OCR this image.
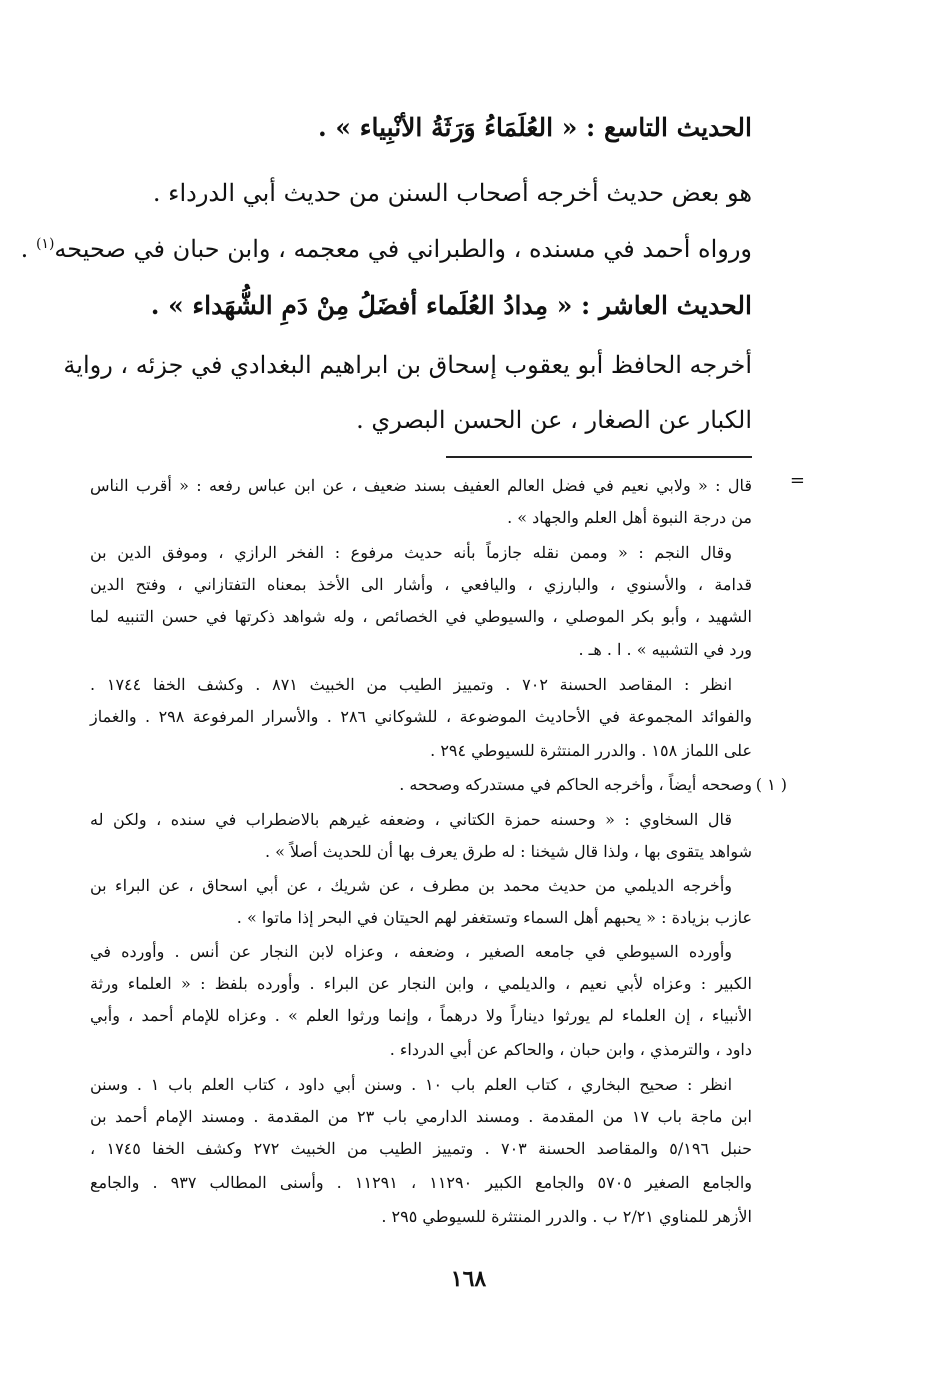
الحديث التاسع : « العُلَمَاءُ وَرَثَةُ الأنْبِياء » .
هو بعض حديث أخرجه أصحاب السنن من حديث أبي الدرداء .
ورواه أحمد في مسنده ، والطبراني في معجمه ، وابن حبان في صحيحه$^{(١)}$ .
الحديث العاشر : « مِدادُ العُلَماء أفضَلُ مِنْ دَمِ الشُّهَداء » .
أخرجه الحافظ أبو يعقوب إسحاق بن ابراهيم البغدادي في جزئه ، رواية
الكبار عن الصغار ، عن الحسن البصري .
=
( ١ )
قال : « ولابي نعيم في فضل العالم العفيف بسند ضعيف ، عن ابن عباس رفعه : « أقرب الناس
من درجة النبوة أهل العلم والجهاد » .
وقال النجم : « وممن نقله جازماً بأنه حديث مرفوع : الفخر الرازي ، وموفق الدين بن
قدامة ، والأسنوي ، والبارزي ، واليافعي ، وأشار الى الأخذ بمعناه التفتازاني ، وفتح الدين
الشهيد ، وأبو بكر الموصلي ، والسيوطي في الخصائص ، وله شواهد ذكرتها في حسن التنبيه لما
ورد في التشبيه » . ا . هـ .
انظر : المقاصد الحسنة ٧٠٢ . وتمييز الطيب من الخبيث ٨٧١ . وكشف الخفا ١٧٤٤ .
والفوائد المجموعة في الأحاديث الموضوعة ، للشوكاني ٢٨٦ . والأسرار المرفوعة ٢٩٨ . والغماز
على اللماز ١٥٨ . والدرر المنتثرة للسيوطي ٢٩٤ .
وصححه أيضاً ، وأخرجه الحاكم في مستدركه وصححه .
قال السخاوي : « وحسنه حمزة الكتاني ، وضعفه غيرهم بالاضطراب في سنده ، ولكن له
شواهد يتقوى بها ، ولذا قال شيخنا : له طرق يعرف بها أن للحديث أصلاً » .
وأخرجه الديلمي من حديث محمد بن مطرف ، عن شريك ، عن أبي اسحاق ، عن البراء بن
عازب بزيادة : « يحبهم أهل السماء وتستغفر لهم الحيتان في البحر إذا ماتوا » .
وأورده السيوطي في جامعه الصغير ، وضعفه ، وعزاه لابن النجار عن أنس . وأورده في
الكبير : وعزاه لأبي نعيم ، والديلمي ، وابن النجار عن البراء . وأورده بلفظ : « العلماء ورثة
الأنبياء ، إن العلماء لم يورثوا ديناراً ولا درهماً ، وإنما ورثوا العلم » . وعزاه للإمام أحمد ، وأبي
داود ، والترمذي ، وابن حبان ، والحاكم عن أبي الدرداء .
انظر : صحيح البخاري ، كتاب العلم باب ١٠ . وسنن أبي داود ، كتاب العلم باب ١ . وسنن
ابن ماجة باب ١٧ من المقدمة . ومسند الدارمي باب ٢٣ من المقدمة . ومسند الإمام أحمد بن
حنبل ٥/١٩٦ والمقاصد الحسنة ٧٠٣ . وتمييز الطيب من الخبيث ٢٧٢ وكشف الخفا ١٧٤٥ ،
والجامع الصغير ٥٧٠٥ والجامع الكبير ١١٢٩٠ ، ١١٢٩١ . وأسنى المطالب ٩٣٧ . والجامع
الأزهر للمناوي ٢/٢١ ب . والدرر المنتثرة للسيوطي ٢٩٥ .
١٦٨
